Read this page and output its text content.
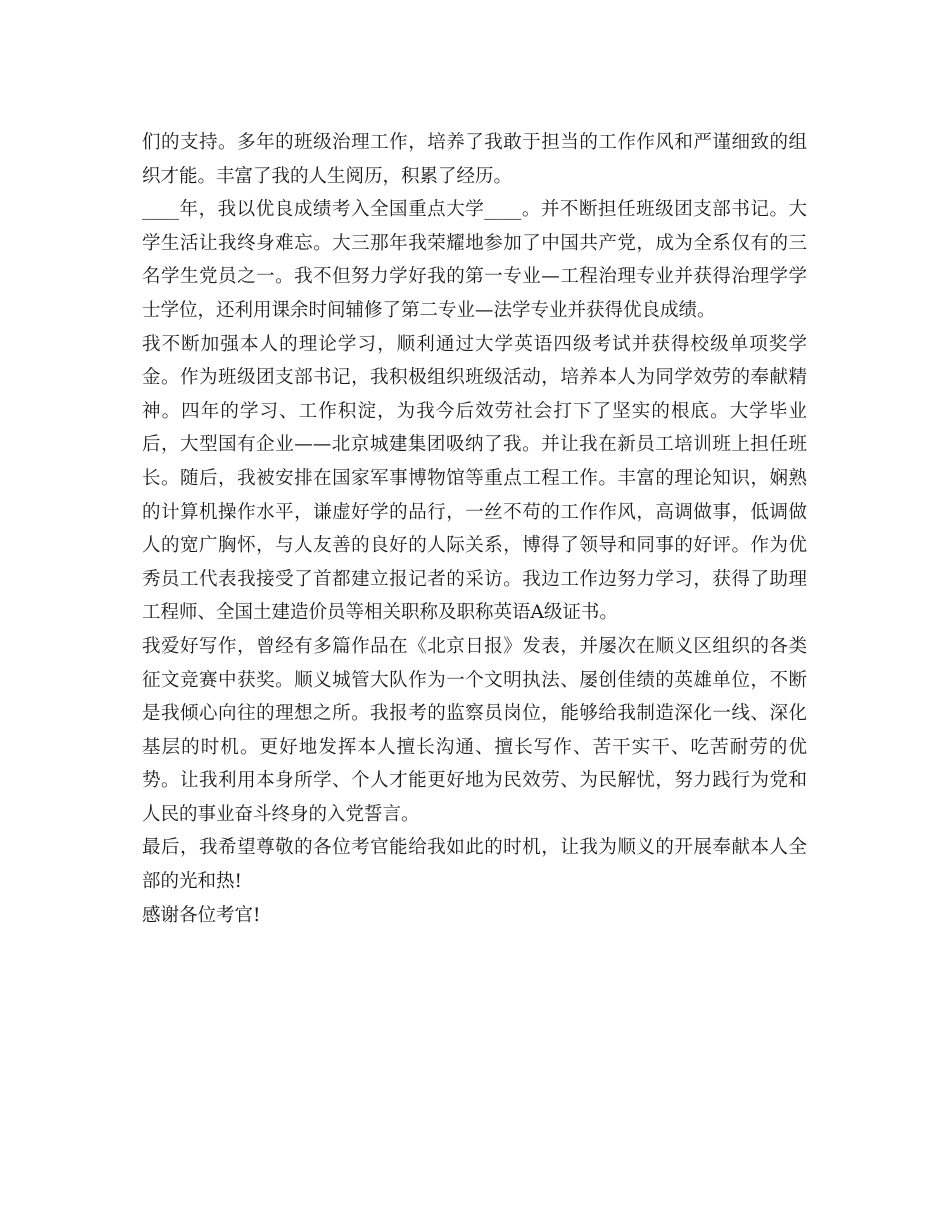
们的支持。多年的班级治理工作，培养了我敢于担当的工作作风和严谨细致的组织才能。丰富了我的人生阅历，积累了经历。

____年，我以优良成绩考入全国重点大学____。并不断担任班级团支部书记。大学生活让我终身难忘。大三那年我荣耀地参加了中国共产党，成为全系仅有的三名学生党员之一。我不但努力学好我的第一专业—工程治理专业并获得治理学学士学位，还利用课余时间辅修了第二专业—法学专业并获得优良成绩。

我不断加强本人的理论学习，顺利通过大学英语四级考试并获得校级单项奖学金。作为班级团支部书记，我积极组织班级活动，培养本人为同学效劳的奉献精神。四年的学习、工作积淀，为我今后效劳社会打下了坚实的根底。大学毕业后，大型国有企业——北京城建集团吸纳了我。并让我在新员工培训班上担任班长。随后，我被安排在国家军事博物馆等重点工程工作。丰富的理论知识，娴熟的计算机操作水平，谦虚好学的品行，一丝不苟的工作作风，高调做事，低调做人的宽广胸怀，与人友善的良好的人际关系，博得了领导和同事的好评。作为优秀员工代表我接受了首都建立报记者的采访。我边工作边努力学习，获得了助理工程师、全国土建造价员等相关职称及职称英语A级证书。

我爱好写作，曾经有多篇作品在《北京日报》发表，并屡次在顺义区组织的各类征文竞赛中获奖。顺义城管大队作为一个文明执法、屡创佳绩的英雄单位，不断是我倾心向往的理想之所。我报考的监察员岗位，能够给我制造深化一线、深化基层的时机。更好地发挥本人擅长沟通、擅长写作、苦干实干、吃苦耐劳的优势。让我利用本身所学、个人才能更好地为民效劳、为民解忧，努力践行为党和人民的事业奋斗终身的入党誓言。

最后，我希望尊敬的各位考官能给我如此的时机，让我为顺义的开展奉献本人全部的光和热!

感谢各位考官!
